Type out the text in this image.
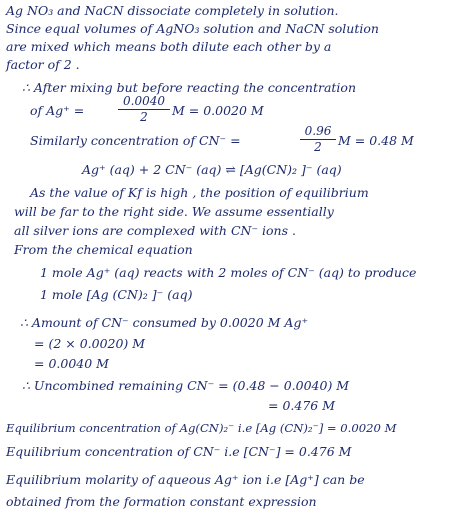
Ag NO₃ and NaCN dissociate completely in solution.
Since equal volumes of AgNO₃ solution and NaCN solution
are mixed which means both dilute each other by a
factor of 2 .
∴ After mixing but before reacting the concentration
of Ag⁺ =
0.0040
2	M = 0.0020 M
Similarly concentration of CN⁻ =
0.96
2	M = 0.48 M
Ag⁺ (aq) + 2 CN⁻ (aq) ⇌ [Ag(CN)₂ ]⁻ (aq)
As the value of Kf is high , the position of equilibrium
will be far to the right side. We assume essentially
all silver ions are complexed with CN⁻ ions .
From the chemical equation
1 mole Ag⁺ (aq) reacts with 2 moles of CN⁻ (aq) to produce
1 mole [Ag (CN)₂ ]⁻ (aq)
∴ Amount of CN⁻ consumed by 0.0020 M Ag⁺
= (2 × 0.0020) M
= 0.0040 M
∴ Uncombined remaining CN⁻ = (0.48 − 0.0040) M
= 0.476 M
Equilibrium concentration of Ag(CN)₂⁻ i.e [Ag (CN)₂⁻] = 0.0020 M
Equilibrium concentration of CN⁻ i.e [CN⁻] = 0.476 M
Equilibrium molarity of aqueous Ag⁺ ion i.e [Ag⁺] can be
obtained from the formation constant expression
